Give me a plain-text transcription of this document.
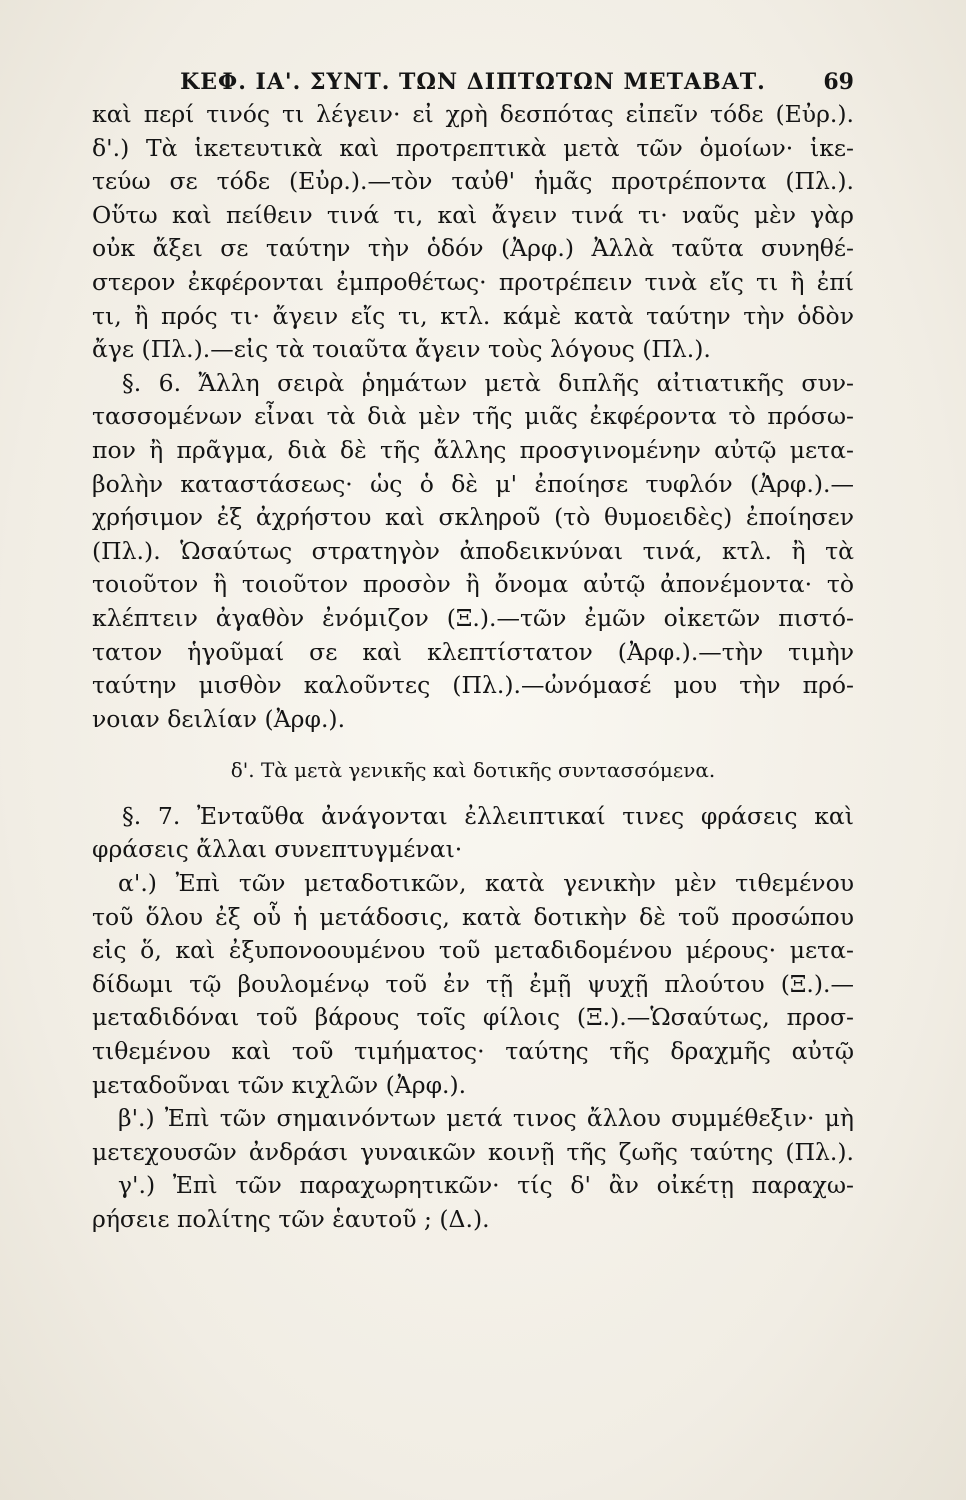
ΚΕΦ. ΙΑ'. ΣΥΝΤ. ΤΩΝ ΔΙΠΤΩΤΩΝ ΜΕΤΑΒΑΤ.	69
καὶ περί τινός τι λέγειν· εἰ χρὴ δεσπότας εἰπεῖν τόδε (Εὐρ.).
δ'.) Τὰ ἱκετευτικὰ καὶ προτρεπτικὰ μετὰ τῶν ὁμοίων· ἱκε-
τεύω σε τόδε (Εὐρ.).—τὸν ταὐθ' ἡμᾶς προτρέποντα (Πλ.).
Οὕτω καὶ πείθειν τινά τι, καὶ ἄγειν τινά τι· ναῦς μὲν γὰρ
οὐκ ἄξει σε ταύτην τὴν ὁδόν (Ἀρφ.) Ἀλλὰ ταῦτα συνηθέ-
στερον ἐκφέρονται ἐμπροθέτως· προτρέπειν τινὰ εἴς τι ἢ ἐπί
τι, ἢ πρός τι· ἄγειν εἴς τι, κτλ. κάμὲ κατὰ ταύτην τὴν ὁδὸν
ἄγε (Πλ.).—εἰς τὰ τοιαῦτα ἄγειν τοὺς λόγους (Πλ.).
§. 6. Ἄλλη σειρὰ ῥημάτων μετὰ διπλῆς αἰτιατικῆς συν-
τασσομένων εἶναι τὰ διὰ μὲν τῆς μιᾶς ἐκφέροντα τὸ πρόσω-
πον ἢ πρᾶγμα, διὰ δὲ τῆς ἄλλης προσγινομένην αὐτῷ μετα-
βολὴν καταστάσεως· ὡς ὁ δὲ μ' ἐποίησε τυφλόν (Ἀρφ.).—
χρήσιμον ἐξ ἀχρήστου καὶ σκληροῦ (τὸ θυμοειδὲς) ἐποίησεν
(Πλ.). Ὡσαύτως στρατηγὸν ἀποδεικνύναι τινά, κτλ. ἢ τὰ
τοιοῦτον ἢ τοιοῦτον προσὸν ἢ ὄνομα αὐτῷ ἀπονέμοντα· τὸ
κλέπτειν ἀγαθὸν ἐνόμιζον (Ξ.).—τῶν ἐμῶν οἰκετῶν πιστό-
τατον ἡγοῦμαί σε καὶ κλεπτίστατον (Ἀρφ.).—τὴν τιμὴν
ταύτην μισθὸν καλοῦντες (Πλ.).—ὠνόμασέ μου τὴν πρό-
νοιαν δειλίαν (Ἀρφ.).
δ'. Τὰ μετὰ γενικῆς καὶ δοτικῆς συντασσόμενα.
§. 7. Ἐνταῦθα ἀνάγονται ἐλλειπτικαί τινες φράσεις καὶ
φράσεις ἄλλαι συνεπτυγμέναι·
α'.) Ἐπὶ τῶν μεταδοτικῶν, κατὰ γενικὴν μὲν τιθεμένου
τοῦ ὅλου ἐξ οὗ ἡ μετάδοσις, κατὰ δοτικὴν δὲ τοῦ προσώπου
εἰς ὅ, καὶ ἐξυπονοουμένου τοῦ μεταδιδομένου μέρους· μετα-
δίδωμι τῷ βουλομένῳ τοῦ ἐν τῇ ἐμῇ ψυχῇ πλούτου (Ξ.).—
μεταδιδόναι τοῦ βάρους τοῖς φίλοις (Ξ.).—Ὡσαύτως, προσ-
τιθεμένου καὶ τοῦ τιμήματος· ταύτης τῆς δραχμῆς αὐτῷ
μεταδοῦναι τῶν κιχλῶν (Ἀρφ.).
β'.) Ἐπὶ τῶν σημαινόντων μετά τινος ἄλλου συμμέθεξιν· μὴ
μετεχουσῶν ἀνδράσι γυναικῶν κοινῇ τῆς ζωῆς ταύτης (Πλ.).
γ'.) Ἐπὶ τῶν παραχωρητικῶν· τίς δ' ἂν οἰκέτῃ παραχω-
ρήσειε πολίτης τῶν ἑαυτοῦ ; (Δ.).
